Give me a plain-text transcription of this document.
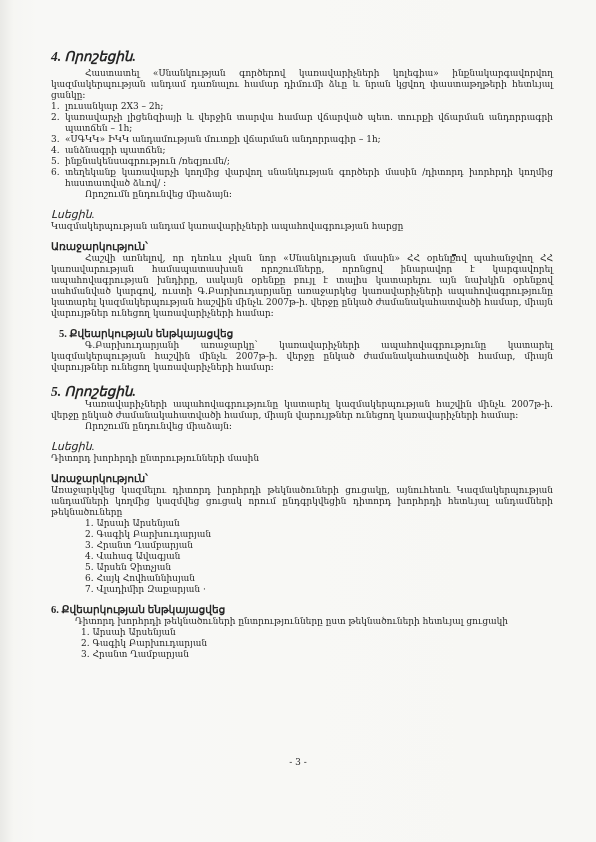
4. Որոշեցին.

Հաստատել «Սնանկության գործերով կառավարիչների կոլեգիա» ինքնակարգավորվող կազմակերպության անդամ դառնալու համար դիմումի ձևը և նրան կցվող փաստաթղթերի հետևյալ ցանկը։

1. լուսանկար 2X3 – 2հ;
2. կառավարչի լիցենզիայի և վերջին տարվա համար վճարված պետ. տուրքի վճարման անդորրագրի պատճեն – 1հ;
3. «ՍԳԿԿ» ԻԿԿ անդամության մուտքի վճարման անդորրագիր – 1հ;
4. անձնագրի պատճեն;
5. ինքնակենսագրություն /ռեզյումե/;
6. տեղեկանք կառավարչի կողմից վարվող սնանկության գործերի մասին /դիտորդ խորհրդի կողմից հաստատված ձևով/ ։

Որոշումն ընդունվեց միաձայն։

Լսեցին.

Կազմակերպության անդամ կառավարիչների ապահովագրության հարցը

Առաջարկություն՝

Հաշվի առնելով, որ դեռևս չկան նոր «Սնանկության մասին» ՀՀ օրենքով պահանջվող ՀՀ կառավարության համապատասխան որոշումները, որոնցով ինարավոր է կարգավորել ապահովագրության խնդիրը, սակայն օրենքը բույլ է տալիս կատարելու այն նախկին օրենքով սահմանված կարգով, ուստի Գ.Բարխուդարյանը առաջարկեց կառավարիչների ապահովագրությունը կատարել կազմակերպության հաշվին մինչև 2007թ-ի. վերջը ընկած ժամանակահատվածի համար, միայն վարույթներ ունեցող կառավարիչների համար։

5. Քվեարկության ենթկայացվեց

Գ.Բարխուդարյանի առաջարկը՝ կառավարիչների ապահովագրությունը կատարել կազմակերպության հաշվին մինչև 2007թ-ի. վերջը ընկած ժամանակահատվածի համար, միայն վարույթներ ունեցող կառավարիչների համար։

5. Որոշեցին.

Կառավարիչների ապահովագրությունը կատարել կազմակերպության հաշվին մինչև 2007թ-ի. վերջը ընկած ժամանակահատվածի համար, միայն վարույթներ ունեցող կառավարիչների համար։

Որոշումն ընդունվեց միաձայն։

Լսեցին.

Դիտորդ խորհրդի ընտրությունների մասին

Առաջարկություն՝

Առաջարկվեց կազմելու դիտորդ խորհրդի թեկնածուների ցուցակը, այնուհետև Կազմակերպության անդամների կողմից կազմվեց ցուցակ որում ընդգրկվեցին դիտորդ խորհրդի հետևյալ անդամների թեկնածուները

1. Արսաի Արսենյան

2. Գագիկ Բարխուդարյան

3. Հրանտ Ղամբարյան

4. Վահագ Ավագյան

5. Արսեն Չիտչյան

6. Հայկ Հովհաննիսյան

7. Վլադիմիր Զաքարյան ·

6. Քվեարկության ենթկայացվեց

Դիտորդ խորհրդի թեկնածուների ընտրությունները ըստ թեկնածուների հետևյալ ցուցակի

1. Արսաի Արսենյան

2. Գագիկ Բարխուդարյան

3. Հրանտ Ղամբարյան

- 3 -
